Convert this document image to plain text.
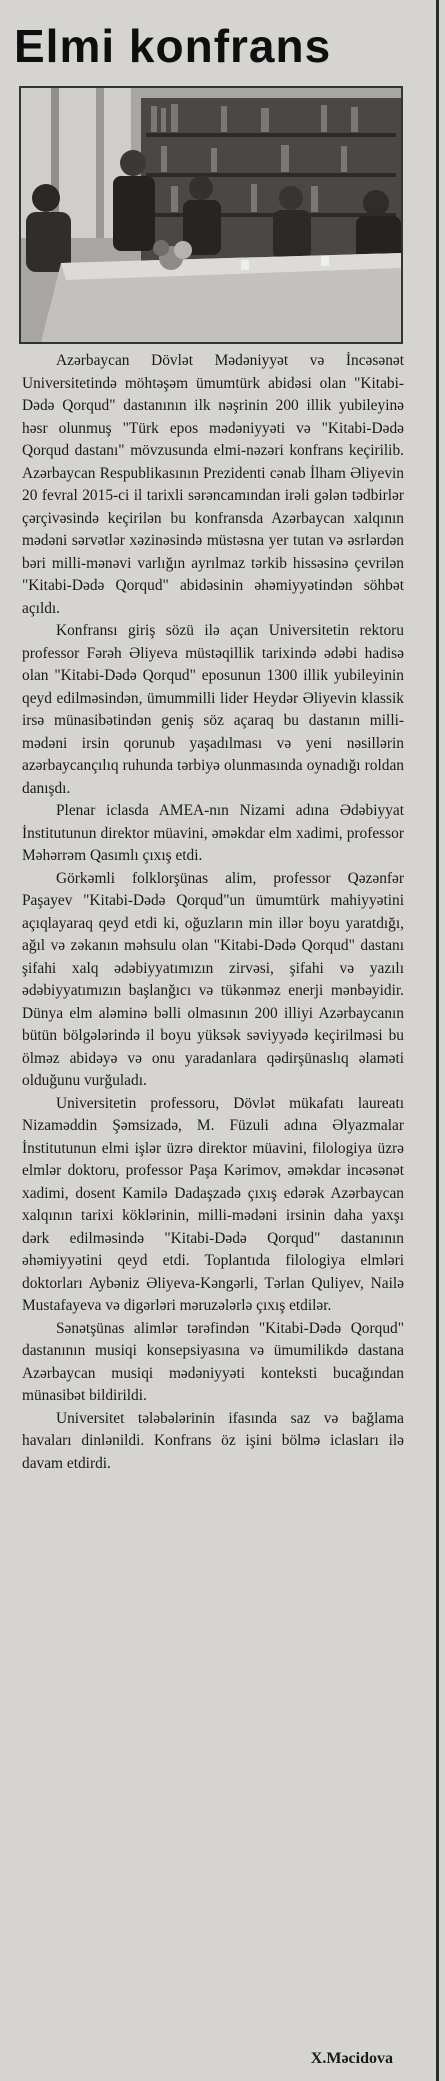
Elmi konfrans

Azərbaycan Dövlət Mədəniyyət və İncəsənət Universitetində möhtəşəm ümumtürk abidəsi olan "Kitabi-Dədə Qorqud" dastanının ilk nəşrinin 200 illik yubileyinə həsr olunmuş "Türk epos mədəniyyəti və "Kitabi-Dədə Qorqud dastanı" mövzusunda elmi-nəzəri konfrans keçirilib. Azərbaycan Respublikasının Prezidenti cənab İlham Əliyevin 20 fevral 2015-ci il tarixli sərəncamından irəli gələn tədbirlər çərçivəsində keçirilən bu konfransda Azərbaycan xalqının mədəni sərvətlər xəzinəsində müstəsna yer tutan və əsrlərdən bəri milli-mənəvi varlığın ayrılmaz tərkib hissəsinə çevrilən "Kitabi-Dədə Qorqud" abidəsinin əhəmiyyətindən söhbət açıldı.

Konfransı giriş sözü ilə açan Universitetin rektoru professor Fərəh Əliyeva müstəqillik tarixində ədəbi hadisə olan "Kitabi-Dədə Qorqud" eposunun 1300 illik yubileyinin qeyd edilməsindən, ümummilli lider Heydər Əliyevin klassik irsə münasibətindən geniş söz açaraq bu dastanın milli-mədəni irsin qorunub yaşadılması və yeni nəsillərin azərbaycançılıq ruhunda tərbiyə olunmasında oynadığı roldan danışdı.

Plenar iclasda AMEA-nın Nizami adına Ədəbiyyat İnstitutunun direktor müavini, əməkdar elm xadimi, professor Məhərrəm Qasımlı çıxış etdi.

Görkəmli folklorşünas alim, professor Qəzənfər Paşayev "Kitabi-Dədə Qorqud"un ümumtürk mahiyyətini açıqlayaraq qeyd etdi ki, oğuzların min illər boyu yaratdığı, ağıl və zəkanın məhsulu olan "Kitabi-Dədə Qorqud" dastanı şifahi xalq ədəbiyyatımızın zirvəsi, şifahi və yazılı ədəbiyyatımızın başlanğıcı və tükənməz enerji mənbəyidir. Dünya elm aləminə bəlli olmasının 200 illiyi Azərbaycanın bütün bölgələrində il boyu yüksək səviyyədə keçirilməsi bu ölməz abidəyə və onu yaradanlara qədirşünaslıq əlaməti olduğunu vurğuladı.

Universitetin professoru, Dövlət mükafatı laureatı Nizaməddin Şəmsizadə, M. Füzuli adına Əlyazmalar İnstitutunun elmi işlər üzrə direktor müavini, filologiya üzrə elmlər doktoru, professor Paşa Kərimov, əməkdar incəsənət xadimi, dosent Kamilə Dadaşzadə çıxış edərək Azərbaycan xalqının tarixi köklərinin, milli-mədəni irsinin daha yaxşı dərk edilməsində "Kitabi-Dədə Qorqud" dastanının əhəmiyyətini qeyd etdi. Toplantıda filologiya elmləri doktorları Aybəniz Əliyeva-Kəngərli, Tərlan Quliyev, Nailə Mustafayeva və digərləri məruzələrlə çıxış etdilər.

Sənətşünas alimlər tərəfindən "Kitabi-Dədə Qorqud" dastanının musiqi konsepsiyasına və ümumilikdə dastana Azərbaycan musiqi mədəniyyəti konteksti bucağından münasibət bildirildi.

Universitet tələbələrinin ifasında saz və bağlama havaları dinlənildi. Konfrans öz işini bölmə iclasları ilə davam etdirdi.

X.Məcidova
